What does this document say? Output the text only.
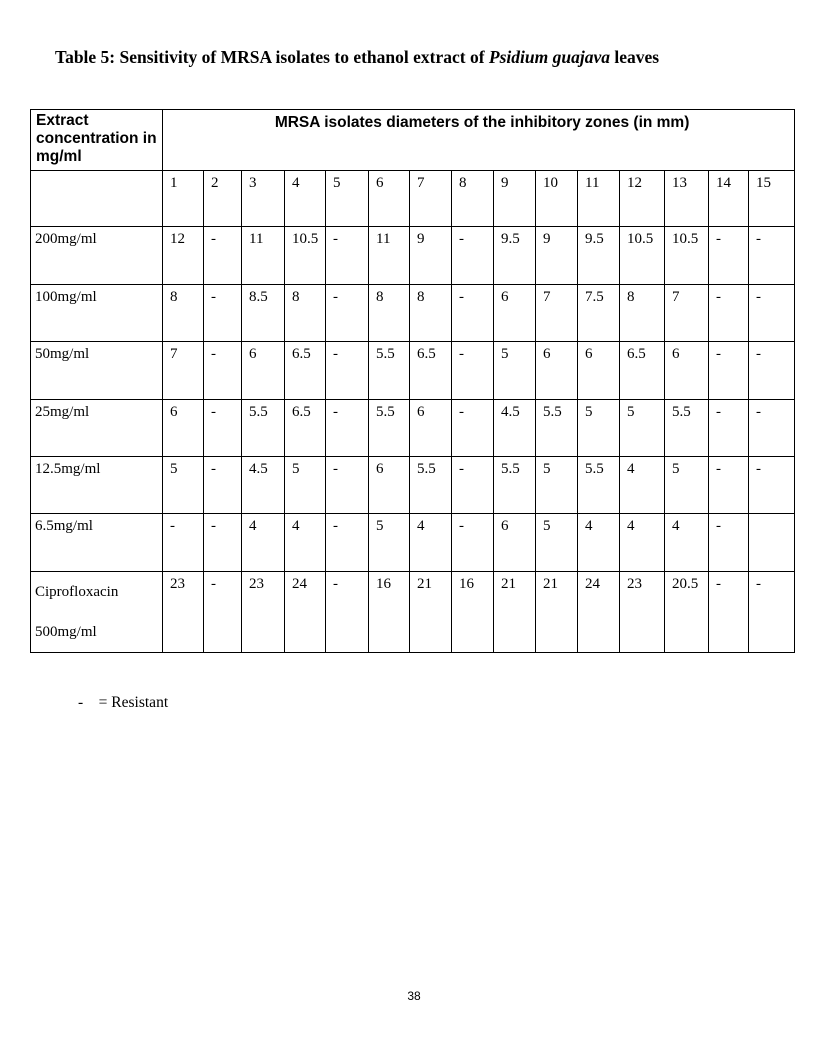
Table 5: Sensitivity of MRSA isolates to ethanol extract of Psidium guajava leaves
Extract concentration in mg/ml	MRSA isolates diameters of the inhibitory zones (in mm)														
	1	2	3	4	5	6	7	8	9	10	11	12	13	14	15
200mg/ml	12	-	11	10.5	-	11	9	-	9.5	9	9.5	10.5	10.5	-	-
100mg/ml	8	-	8.5	8	-	8	8	-	6	7	7.5	8	7	-	-
50mg/ml	7	-	6	6.5	-	5.5	6.5	-	5	6	6	6.5	6	-	-
25mg/ml	6	-	5.5	6.5	-	5.5	6	-	4.5	5.5	5	5	5.5	-	-
12.5mg/ml	5	-	4.5	5	-	6	5.5	-	5.5	5	5.5	4	5	-	-
6.5mg/ml	-	-	4	4	-	5	4	-	6	5	4	4	4	-	
Ciprofloxacin 500mg/ml	23	-	23	24	-	16	21	16	21	21	24	23	20.5	-	-
- = Resistant
38
